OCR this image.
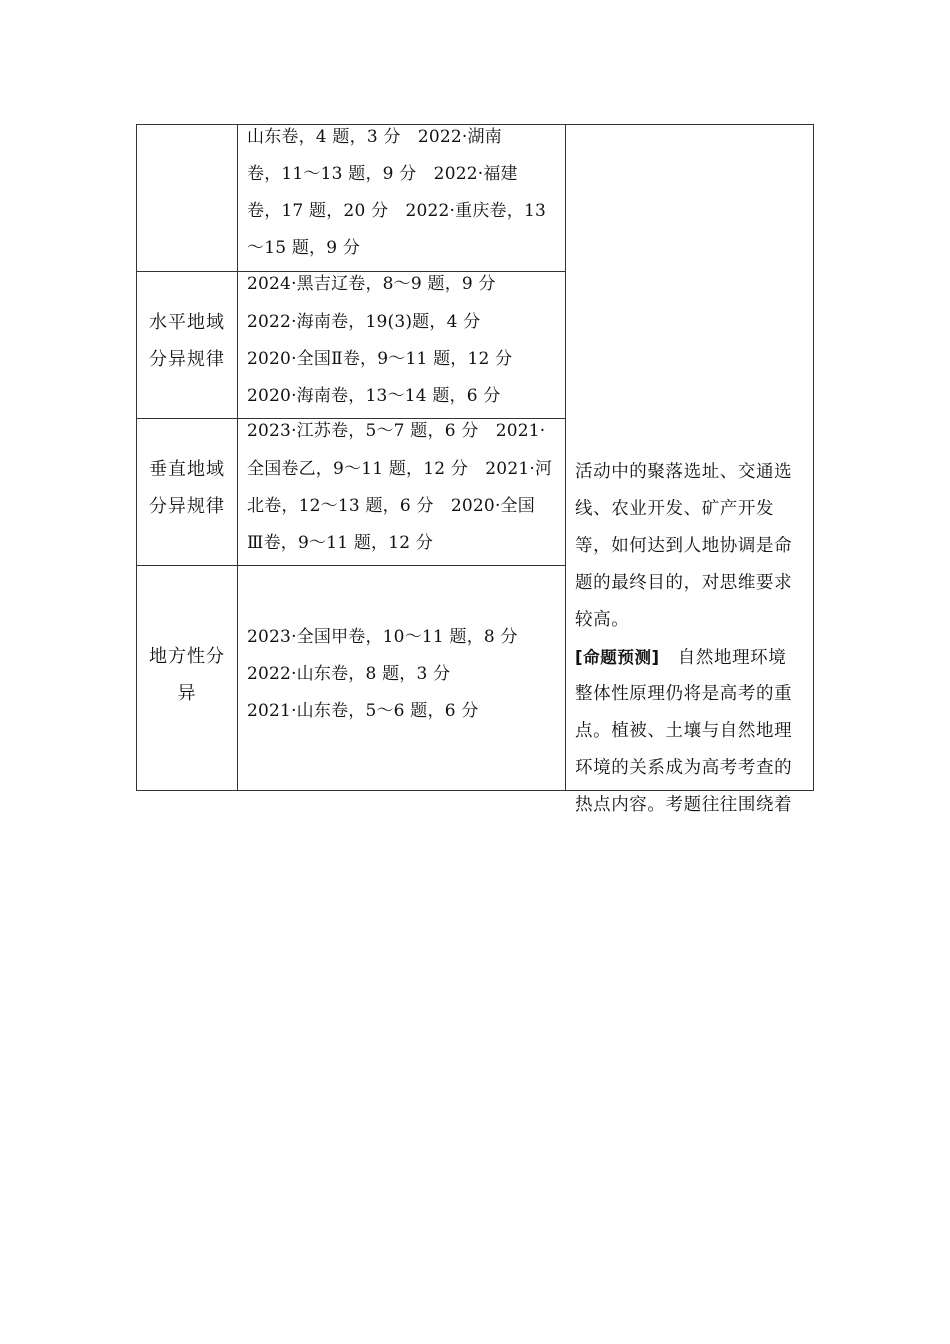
山东卷，4 题，3 分　2022·湖南
卷，11～13 题，9 分　2022·福建
卷，17 题，20 分　2022·重庆卷，13
～15 题，9 分
水平地域
分异规律
2024·黑吉辽卷，8～9 题，9 分
2022·海南卷，19(3)题，4 分
2020·全国Ⅱ卷，9～11 题，12 分
2020·海南卷，13～14 题，6 分
垂直地域
分异规律
2023·江苏卷，5～7 题，6 分　2021·
全国卷乙，9～11 题，12 分　2021·河
北卷，12～13 题，6 分　2020·全国
Ⅲ卷，9～11 题，12 分
地方性分
异
2023·全国甲卷，10～11 题，8 分
2022·山东卷，8 题，3 分
2021·山东卷，5～6 题，6 分
活动中的聚落选址、交通选
线、农业开发、矿产开发
等，如何达到人地协调是命
题的最终目的，对思维要求
较高。
[命题预测]　自然地理环境
整体性原理仍将是高考的重
点。植被、土壤与自然地理
环境的关系成为高考考查的
热点内容。考题往往围绕着
